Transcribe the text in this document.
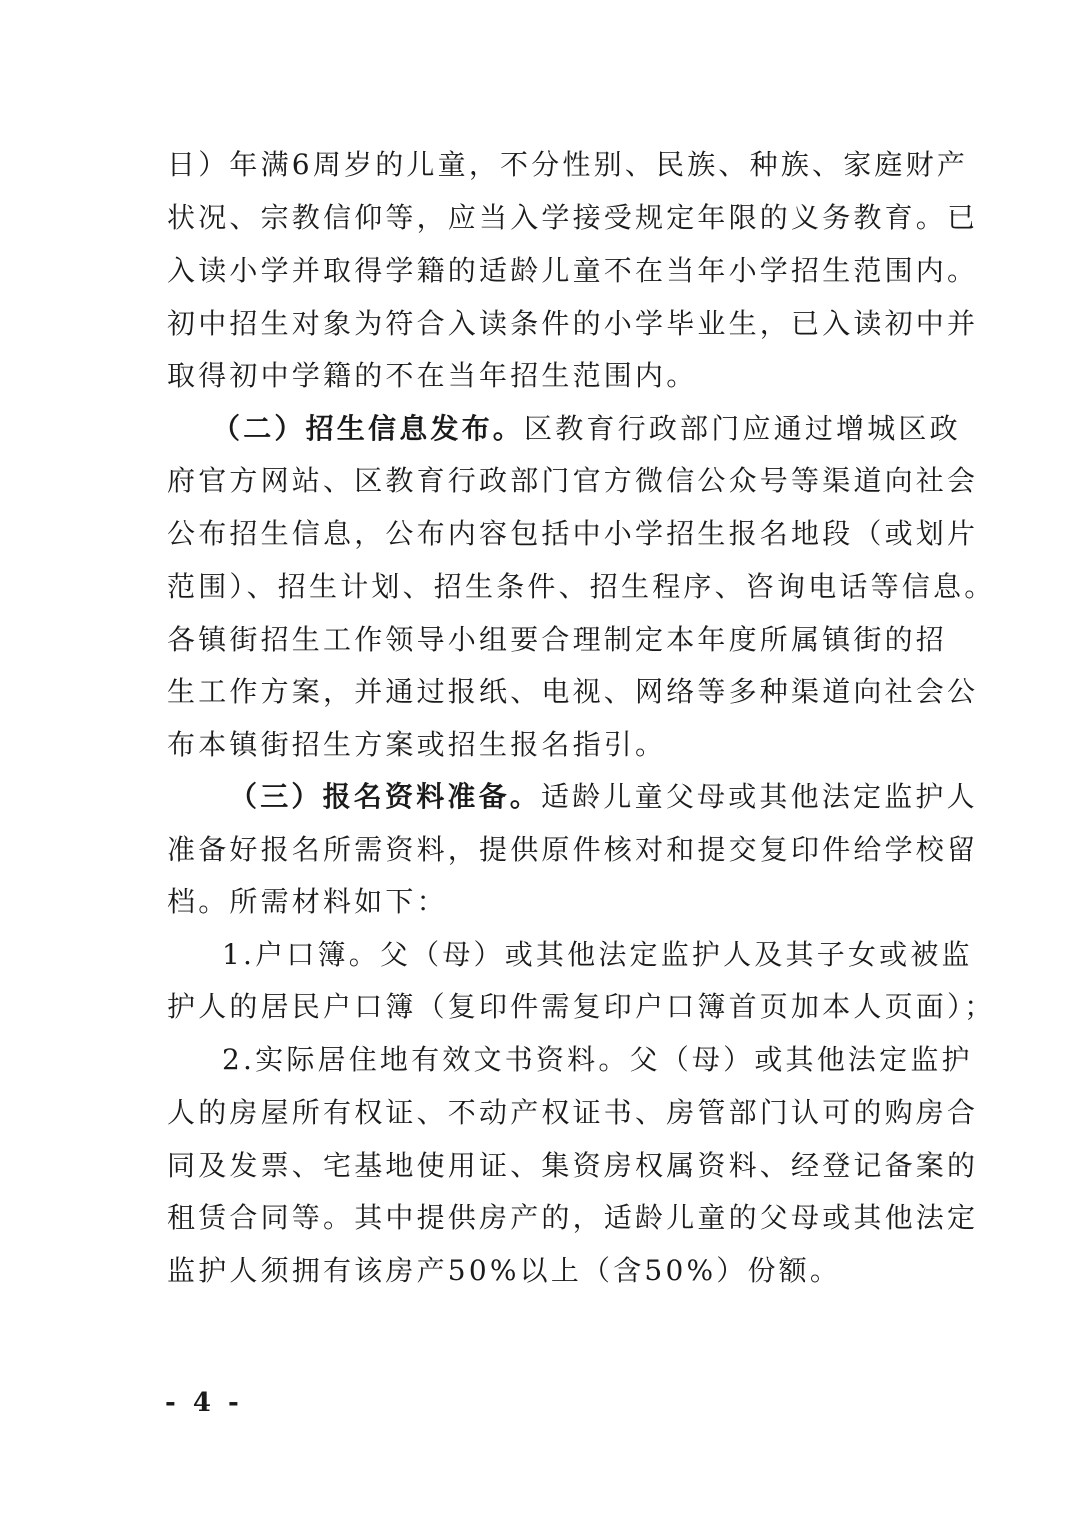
日）年满6周岁的儿童，不分性别、民族、种族、家庭财产
状况、宗教信仰等，应当入学接受规定年限的义务教育。已
入读小学并取得学籍的适龄儿童不在当年小学招生范围内。
初中招生对象为符合入读条件的小学毕业生，已入读初中并
取得初中学籍的不在当年招生范围内。
（二）招生信息发布。区教育行政部门应通过增城区政
府官方网站、区教育行政部门官方微信公众号等渠道向社会
公布招生信息，公布内容包括中小学招生报名地段（或划片
范围）、招生计划、招生条件、招生程序、咨询电话等信息。
各镇街招生工作领导小组要合理制定本年度所属镇街的招
生工作方案，并通过报纸、电视、网络等多种渠道向社会公
布本镇街招生方案或招生报名指引。
（三）报名资料准备。适龄儿童父母或其他法定监护人
准备好报名所需资料，提供原件核对和提交复印件给学校留
档。所需材料如下：
1.户口簿。父（母）或其他法定监护人及其子女或被监
护人的居民户口簿（复印件需复印户口簿首页加本人页面）；
2.实际居住地有效文书资料。父（母）或其他法定监护
人的房屋所有权证、不动产权证书、房管部门认可的购房合
同及发票、宅基地使用证、集资房权属资料、经登记备案的
租赁合同等。其中提供房产的，适龄儿童的父母或其他法定
监护人须拥有该房产50%以上（含50%）份额。
- 4 -
